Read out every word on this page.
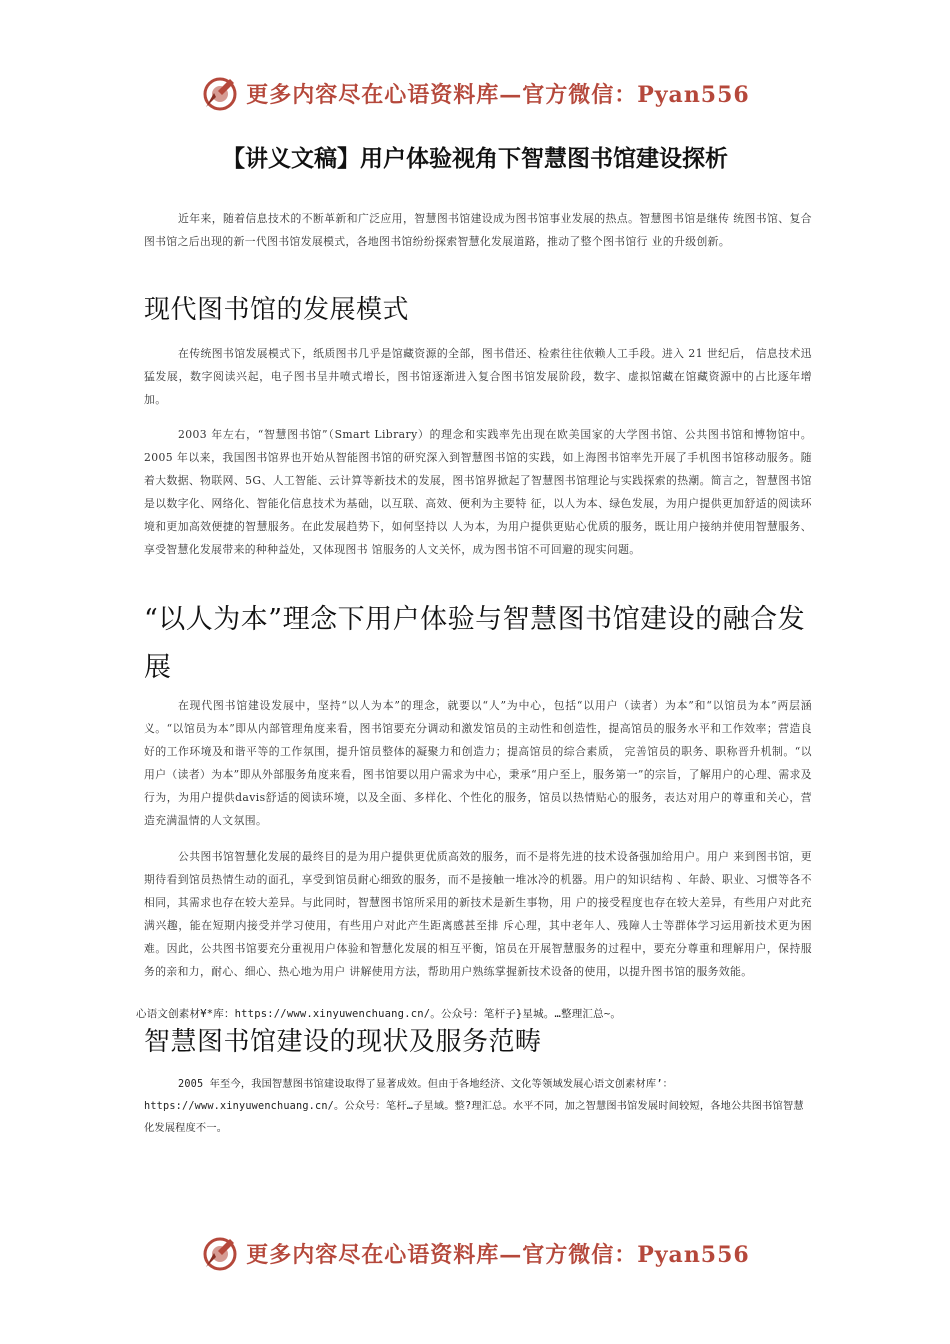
更多内容尽在心语资料库—官方微信：Pyan556
【讲义文稿】用户体验视角下智慧图书馆建设探析

近年来，随着信息技术的不断革新和广泛应用，智慧图书馆建设成为图书馆事业发展的热点。智慧图书馆是继传 统图书馆、复合图书馆之后出现的新一代图书馆发展模式，各地图书馆纷纷探索智慧化发展道路，推动了整个图书馆行 业的升级创新。

现代图书馆的发展模式

在传统图书馆发展模式下，纸质图书几乎是馆藏资源的全部，图书借还、检索往往依赖人工手段。进入 21 世纪后， 信息技术迅猛发展，数字阅读兴起，电子图书呈井喷式增长，图书馆逐渐进入复合图书馆发展阶段，数字、虚拟馆藏在馆藏资源中的占比逐年增加。

2003 年左右，“智慧图书馆”（Smart Library）的理念和实践率先出现在欧美国家的大学图书馆、公共图书馆和博物馆中。2005 年以来，我国图书馆界也开始从智能图书馆的研究深入到智慧图书馆的实践，如上海图书馆率先开展了手机图书馆移动服务。随着大数据、物联网、5G、人工智能、云计算等新技术的发展，图书馆界掀起了智慧图书馆理论与实践探索的热潮。简言之，智慧图书馆是以数字化、网络化、智能化信息技术为基础，以互联、高效、便利为主要特 征，以人为本、绿色发展，为用户提供更加舒适的阅读环境和更加高效便捷的智慧服务。在此发展趋势下，如何坚持以 人为本，为用户提供更贴心优质的服务，既让用户接纳并使用智慧服务、享受智慧化发展带来的种种益处，又体现图书 馆服务的人文关怀，成为图书馆不可回避的现实问题。

“以人为本”理念下用户体验与智慧图书馆建设的融合发展

在现代图书馆建设发展中，坚持“以人为本”的理念，就要以“人”为中心，包括“以用户（读者）为本”和“以馆员为本”两层涵义。“以馆员为本”即从内部管理角度来看，图书馆要充分调动和激发馆员的主动性和创造性，提高馆员的服务水平和工作效率；营造良好的工作环境及和谐平等的工作氛围，提升馆员整体的凝聚力和创造力；提高馆员的综合素质， 完善馆员的职务、职称晋升机制。“以用户（读者）为本”即从外部服务角度来看，图书馆要以用户需求为中心，秉承“用户至上，服务第一”的宗旨，了解用户的心理、需求及行为，为用户提供davis舒适的阅读环境，以及全面、多样化、个性化的服务，馆员以热情贴心的服务，表达对用户的尊重和关心，营造充满温情的人文氛围。

公共图书馆智慧化发展的最终目的是为用户提供更优质高效的服务，而不是将先进的技术设备强加给用户。用户 来到图书馆，更期待看到馆员热情生动的面孔，享受到馆员耐心细致的服务，而不是接触一堆冰冷的机器。用户的知识结构 、年龄、职业、习惯等各不相同，其需求也存在较大差异。与此同时，智慧图书馆所采用的新技术是新生事物，用 户的接受程度也存在较大差异，有些用户对此充满兴趣，能在短期内接受并学习使用，有些用户对此产生距离感甚至排 斥心理，其中老年人、残障人士等群体学习运用新技术更为困难。因此，公共图书馆要充分重视用户体验和智慧化发展的相互平衡，馆员在开展智慧服务的过程中，要充分尊重和理解用户，保持服务的亲和力，耐心、细心、热心地为用户 讲解使用方法，帮助用户熟练掌握新技术设备的使用，以提升图书馆的服务效能。

心语文创素材¥*库：https://www.xinyuwenchuang.cn/。公众号：笔杆子}星城。…整理汇总~。
智慧图书馆建设的现状及服务范畴

2005 年至今，我国智慧图书馆建设取得了显著成效。但由于各地经济、文化等领域发展心语文创素材库’：https://www.xinyuwenchuang.cn/。公众号：笔杆…子星域。整?理汇总。水平不同，加之智慧图书馆发展时间较短，各地公共图书馆智慧化发展程度不一。

更多内容尽在心语资料库—官方微信：Pyan556
